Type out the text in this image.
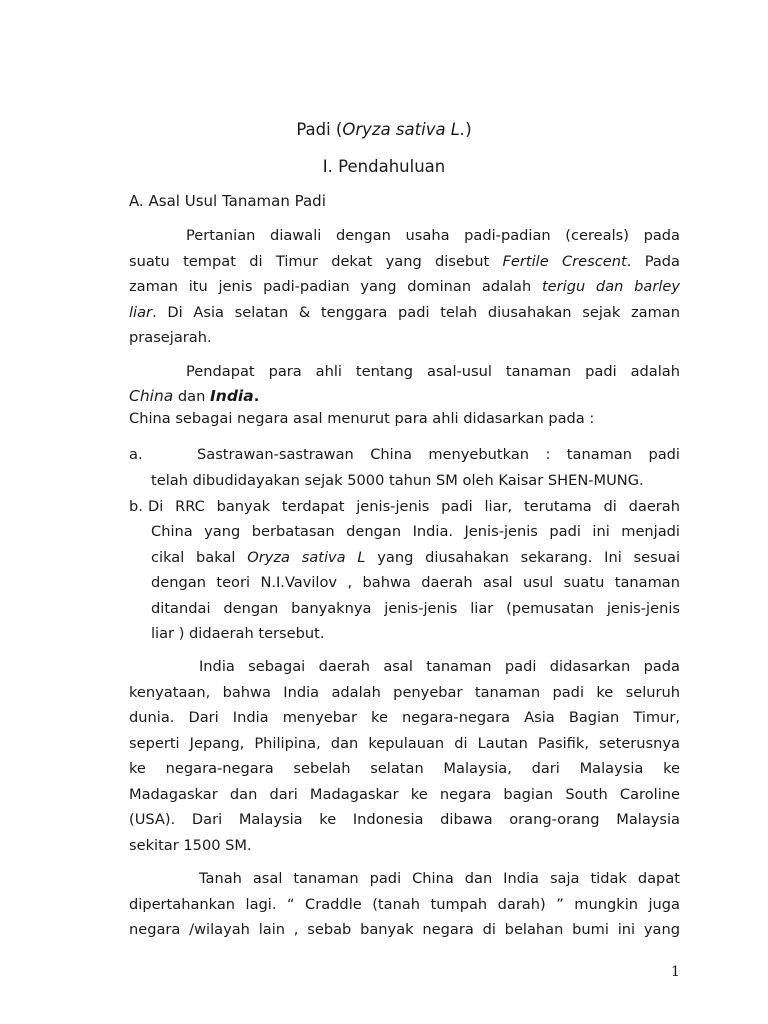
Padi (Oryza sativa L.)
I. Pendahuluan
A. Asal Usul Tanaman Padi

Pertanian diawali dengan usaha padi-padian (cereals) pada

suatu tempat di Timur dekat yang disebut Fertile Crescent. Pada

zaman itu jenis padi-padian yang dominan adalah terigu dan barley

liar. Di Asia selatan & tenggara padi telah diusahakan sejak zaman

prasejarah.

Pendapat para ahli tentang asal-usul tanaman padi adalah

China dan India.

China sebagai negara asal menurut para ahli didasarkan pada :

a.	Sastrawan-sastrawan China menyebutkan : tanaman padi

telah dibudidayakan sejak 5000 tahun SM oleh Kaisar SHEN-MUNG.

b. Di RRC banyak terdapat jenis-jenis padi liar, terutama di daerah

China yang berbatasan dengan India. Jenis-jenis padi ini menjadi

cikal bakal Oryza sativa L yang diusahakan sekarang. Ini sesuai

dengan teori N.I.Vavilov , bahwa daerah asal usul suatu tanaman

ditandai dengan banyaknya jenis-jenis liar (pemusatan jenis-jenis

liar ) didaerah tersebut.

India sebagai daerah asal tanaman padi didasarkan pada

kenyataan, bahwa India adalah penyebar tanaman padi ke seluruh

dunia. Dari India menyebar ke negara-negara Asia Bagian Timur,

seperti Jepang, Philipina, dan kepulauan di Lautan Pasifik, seterusnya

ke negara-negara sebelah selatan Malaysia, dari Malaysia ke

Madagaskar dan dari Madagaskar ke negara bagian South Caroline

(USA). Dari Malaysia ke Indonesia dibawa orang-orang Malaysia

sekitar 1500 SM.

Tanah asal tanaman padi China dan India saja tidak dapat

dipertahankan lagi. “ Craddle (tanah tumpah darah) ” mungkin juga

negara /wilayah lain , sebab banyak negara di belahan bumi ini yang

1
